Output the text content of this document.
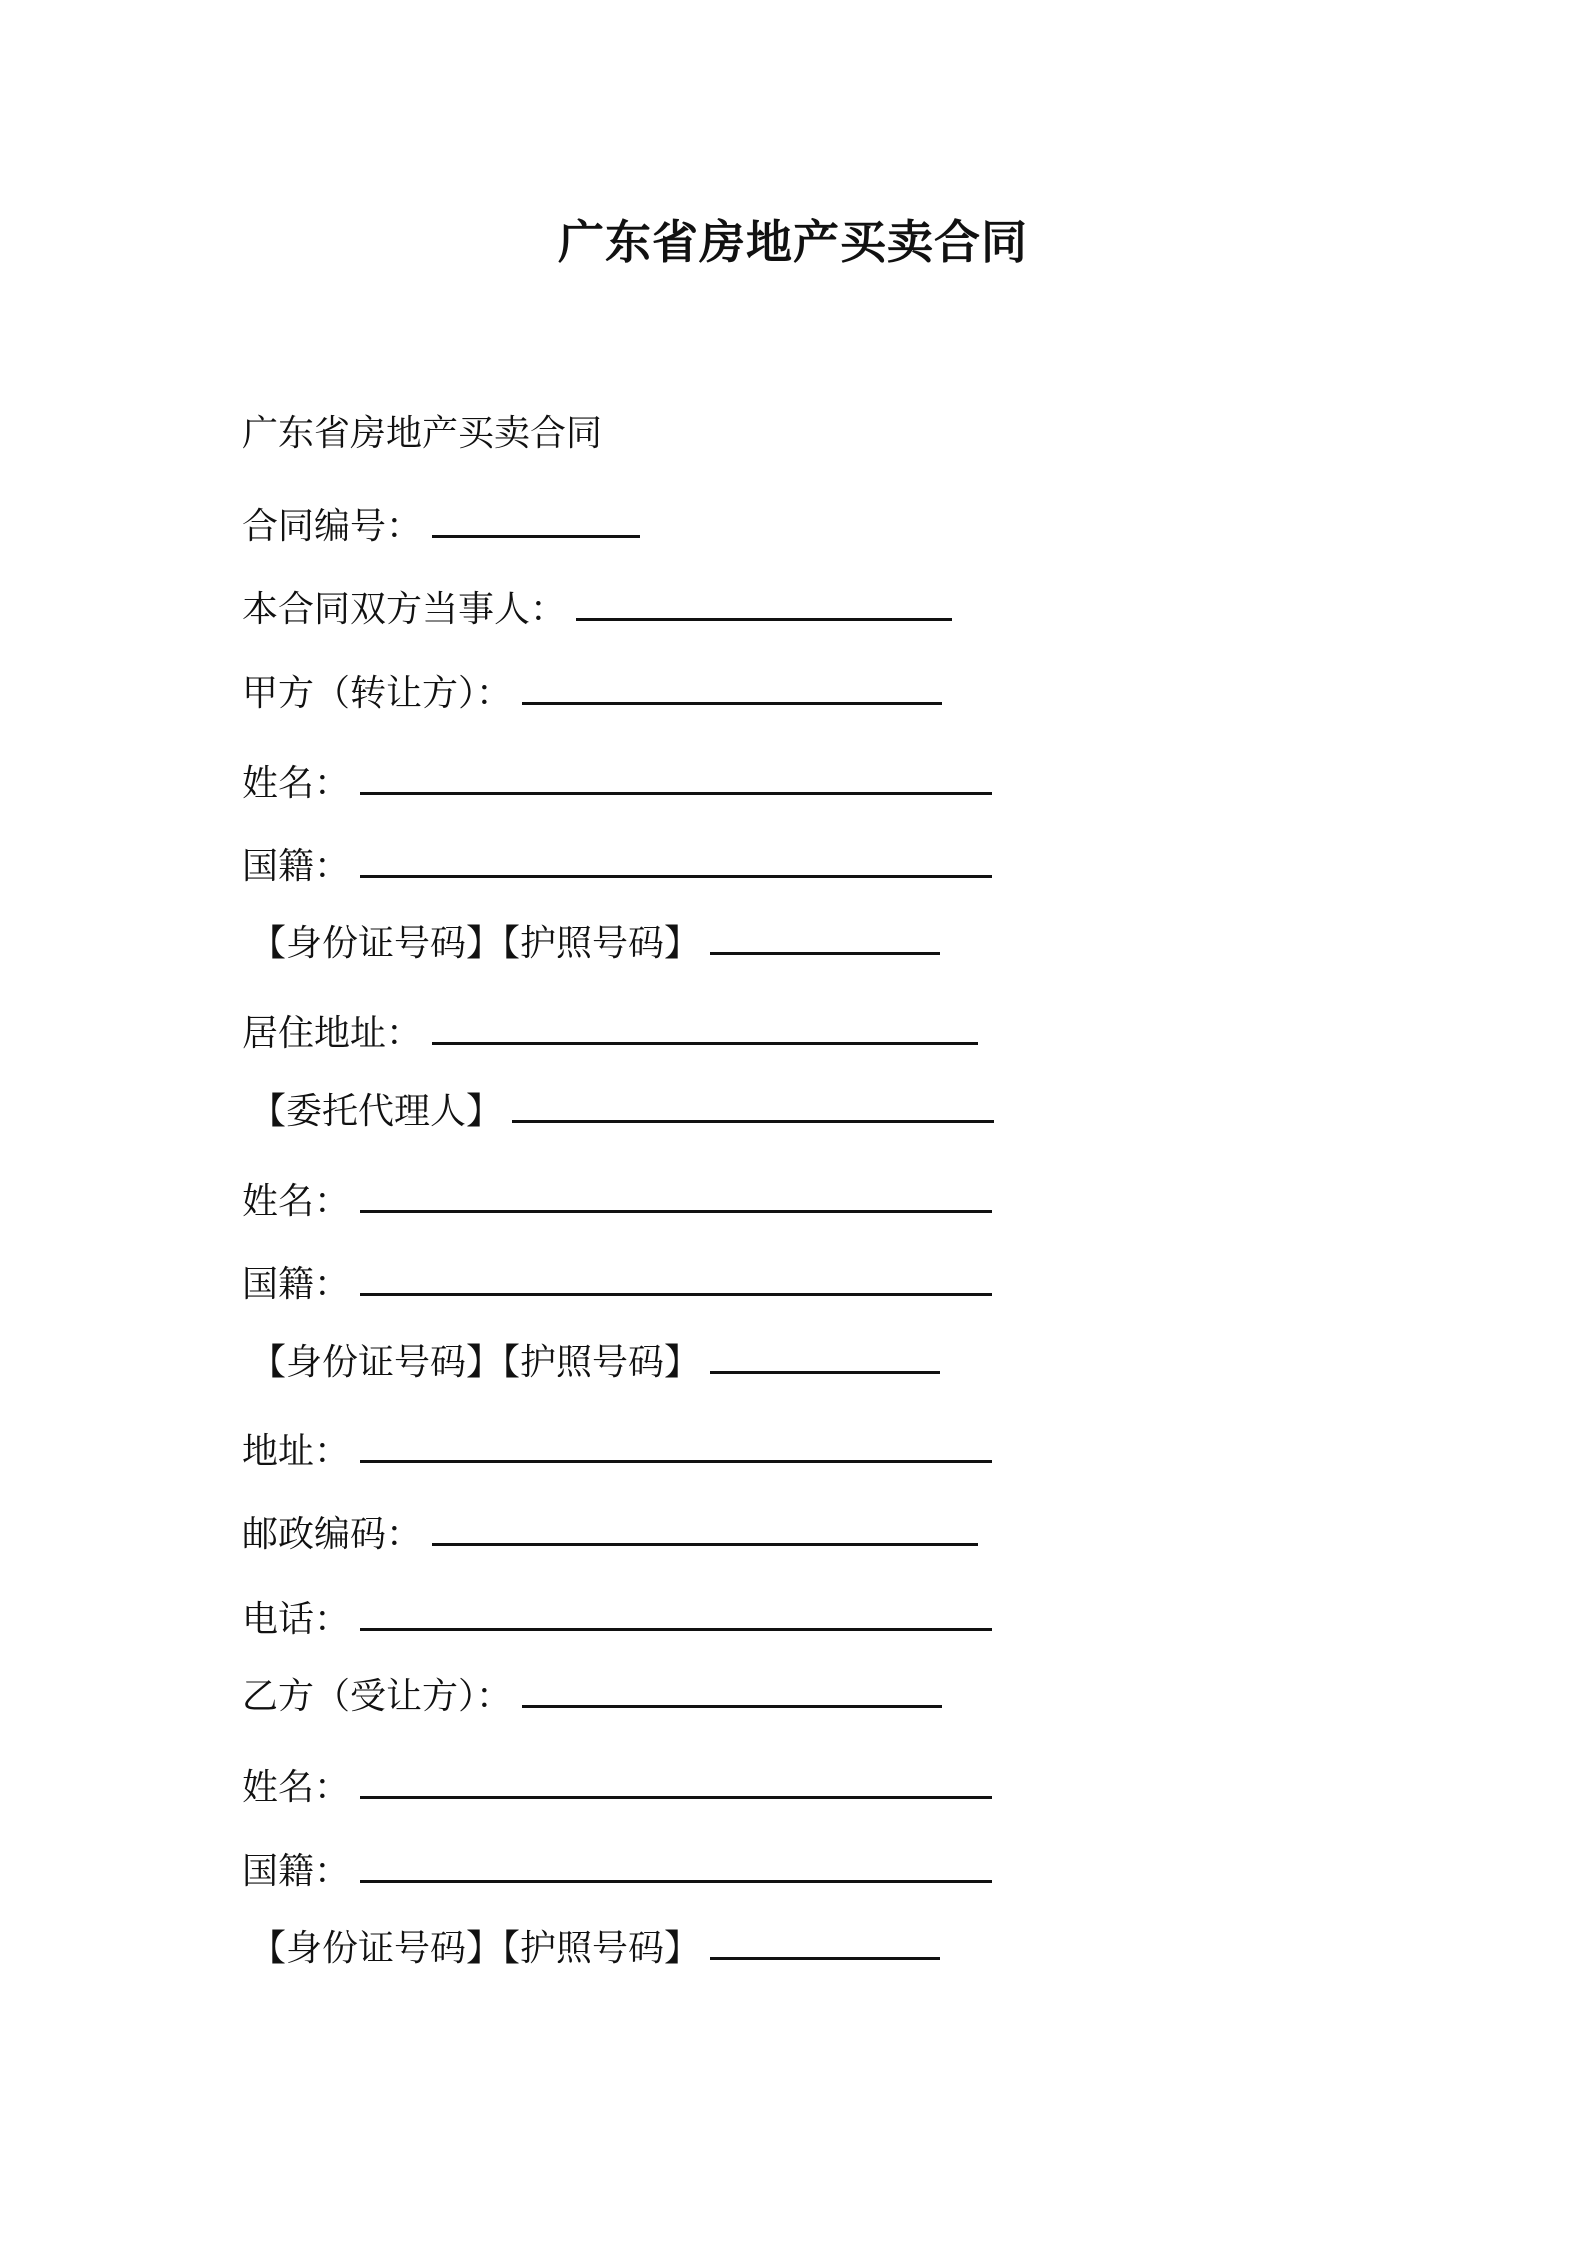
广东省房地产买卖合同
广东省房地产买卖合同
合同编号：
本合同双方当事人：
甲方（转让方）：
姓名：
国籍：
【身份证号码】【护照号码】
居住地址：
【委托代理人】
姓名：
国籍：
【身份证号码】【护照号码】
地址：
邮政编码：
电话：
乙方（受让方）：
姓名：
国籍：
【身份证号码】【护照号码】
